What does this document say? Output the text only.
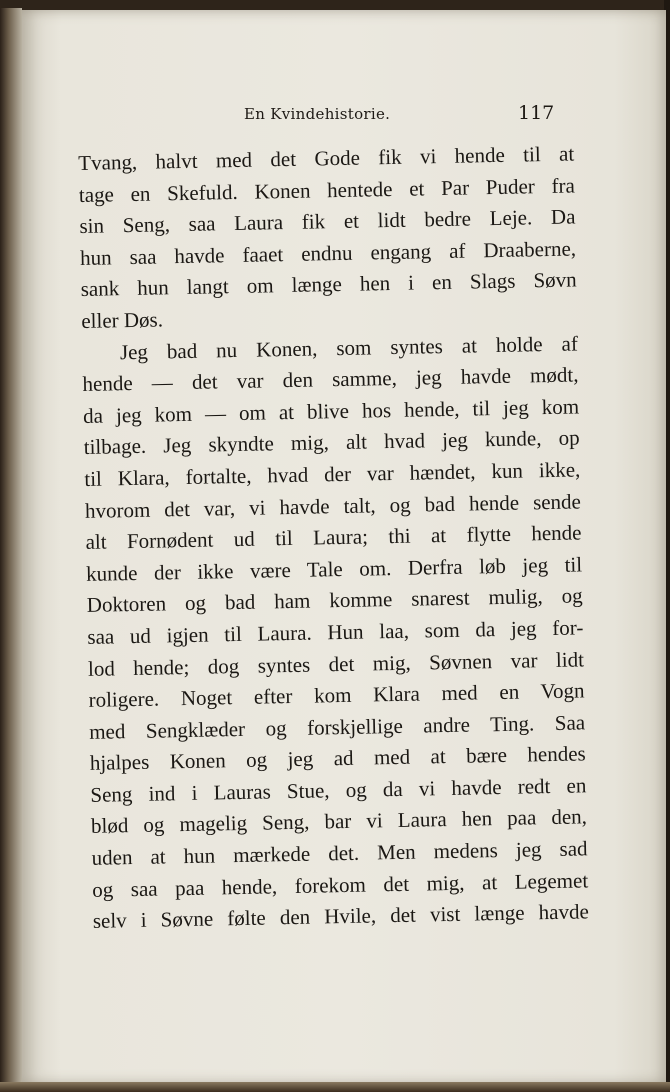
En Kvindehistorie.	117
Tvang, halvt med det Gode fik vi hende til at
tage en Skefuld. Konen hentede et Par Puder fra
sin Seng, saa Laura fik et lidt bedre Leje. Da
hun saa havde faaet endnu engang af Draaberne,
sank hun langt om længe hen i en Slags Søvn
eller Døs.
Jeg bad nu Konen, som syntes at holde af
hende — det var den samme, jeg havde mødt,
da jeg kom — om at blive hos hende, til jeg kom
tilbage. Jeg skyndte mig, alt hvad jeg kunde, op
til Klara, fortalte, hvad der var hændet, kun ikke,
hvorom det var, vi havde talt, og bad hende sende
alt Fornødent ud til Laura; thi at flytte hende
kunde der ikke være Tale om. Derfra løb jeg til
Doktoren og bad ham komme snarest mulig, og
saa ud igjen til Laura. Hun laa, som da jeg for-
lod hende; dog syntes det mig, Søvnen var lidt
roligere. Noget efter kom Klara med en Vogn
med Sengklæder og forskjellige andre Ting. Saa
hjalpes Konen og jeg ad med at bære hendes
Seng ind i Lauras Stue, og da vi havde redt en
blød og magelig Seng, bar vi Laura hen paa den,
uden at hun mærkede det. Men medens jeg sad
og saa paa hende, forekom det mig, at Legemet
selv i Søvne følte den Hvile, det vist længe havde
